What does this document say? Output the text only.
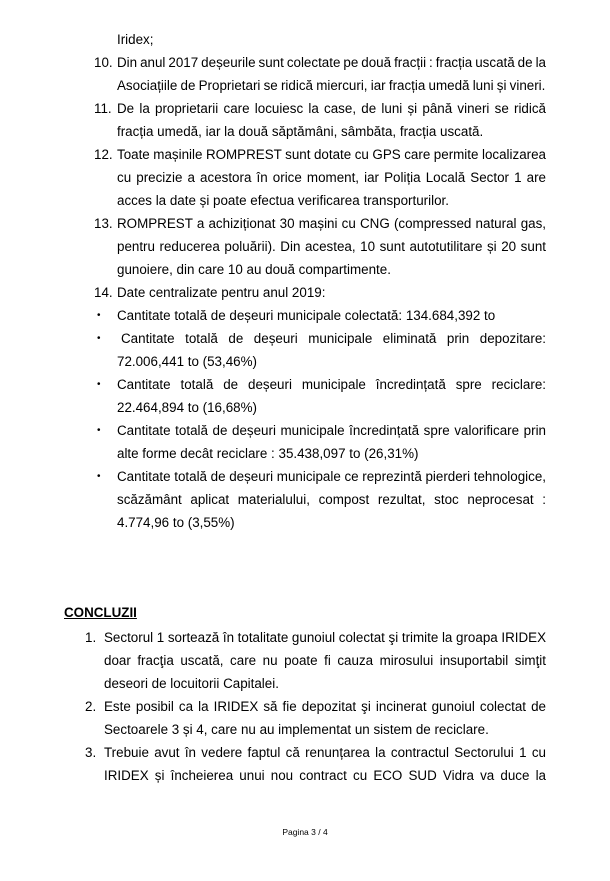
Iridex;
10. Din anul 2017 deșeurile sunt colectate pe două fracții : fracția uscată de la
Asociațiile de Proprietari se ridică miercuri, iar fracția umedă luni și vineri.
11. De la proprietarii care locuiesc la case, de luni și până vineri se ridică
fracția umedă, iar la două săptămâni, sâmbăta, fracția uscată.
12. Toate mașinile ROMPREST sunt dotate cu GPS care permite localizarea
cu precizie a acestora în orice moment, iar Poliția Locală Sector 1 are
acces la date și poate efectua verificarea transporturilor.
13. ROMPREST a achiziționat 30 mașini cu CNG (compressed natural gas,
pentru reducerea poluării). Din acestea, 10 sunt autotutilitare și 20 sunt
gunoiere, din care 10 au două compartimente.
14. Date centralizate pentru anul 2019:
• Cantitate totală de deșeuri municipale colectată: 134.684,392 to
• Cantitate totală de deșeuri municipale eliminată prin depozitare:
72.006,441 to (53,46%)
• Cantitate totală de deșeuri municipale încredințată spre reciclare:
22.464,894 to (16,68%)
• Cantitate totală de deșeuri municipale încredințată spre valorificare prin
alte forme decât reciclare : 35.438,097 to (26,31%)
• Cantitate totală de deșeuri municipale ce reprezintă pierderi tehnologice,
scăzământ aplicat materialului, compost rezultat, stoc neprocesat :
4.774,96 to (3,55%)
CONCLUZII
1. Sectorul 1 sortează în totalitate gunoiul colectat şi trimite la groapa IRIDEX
doar fracţia uscată, care nu poate fi cauza mirosului insuportabil simţit
deseori de locuitorii Capitalei.
2. Este posibil ca la IRIDEX să fie depozitat şi incinerat gunoiul colectat de
Sectoarele 3 și 4, care nu au implementat un sistem de reciclare.
3. Trebuie avut în vedere faptul că renunțarea la contractul Sectorului 1 cu
IRIDEX și încheierea unui nou contract cu ECO SUD Vidra va duce la
Pagina 3 / 4
